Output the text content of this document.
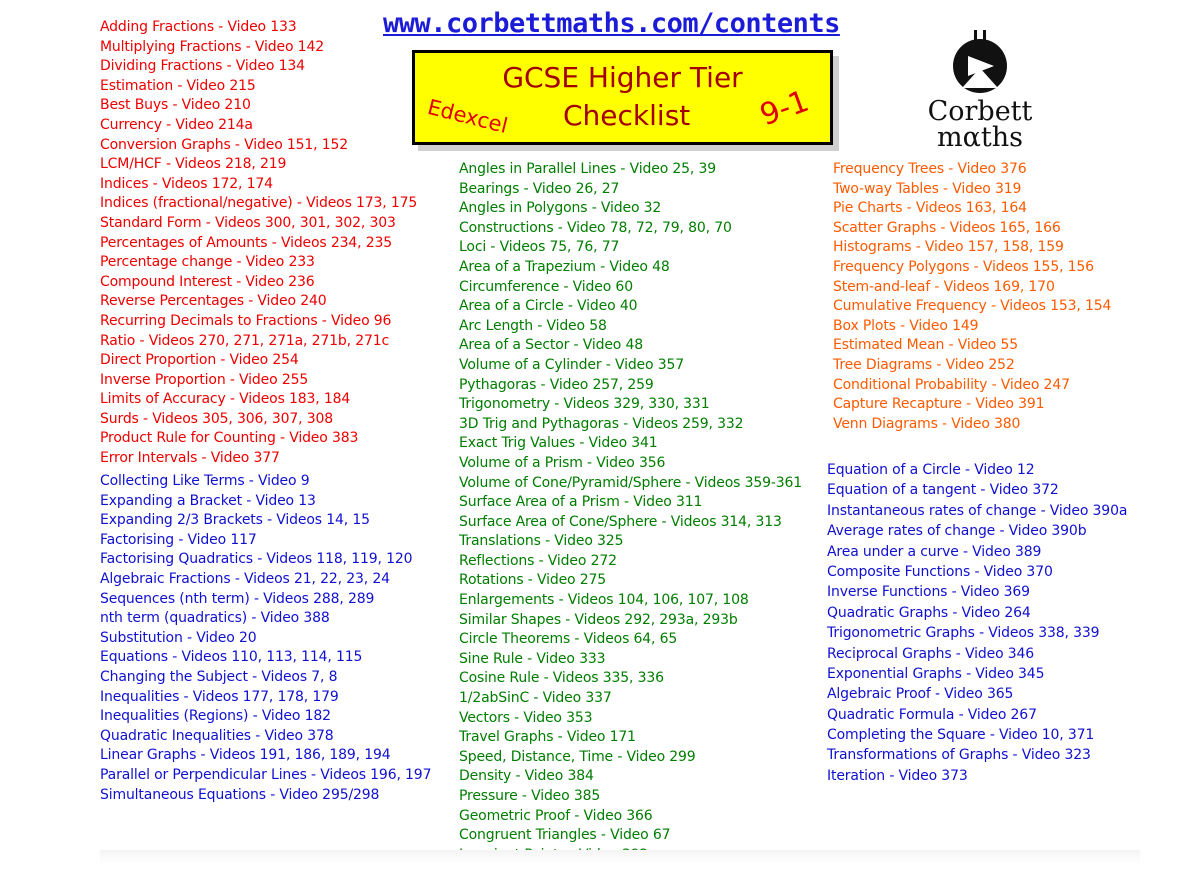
www.corbettmaths.com/contents
GCSE Higher Tier
Edexcel Checklist 9-1	Corbett
mαths
Adding Fractions - Video 133
Multiplying Fractions - Video 142
Dividing Fractions - Video 134
Estimation - Video 215
Best Buys - Video 210
Currency - Video 214a
Conversion Graphs - Video 151, 152
LCM/HCF - Videos 218, 219
Indices - Videos 172, 174
Indices (fractional/negative) - Videos 173, 175
Standard Form - Videos 300, 301, 302, 303
Percentages of Amounts - Videos 234, 235
Percentage change - Video 233
Compound Interest - Video 236
Reverse Percentages - Video 240
Recurring Decimals to Fractions - Video 96
Ratio - Videos 270, 271, 271a, 271b, 271c
Direct Proportion - Video 254
Inverse Proportion - Video 255
Limits of Accuracy - Videos 183, 184
Surds - Videos 305, 306, 307, 308
Product Rule for Counting - Video 383
Error Intervals - Video 377
Collecting Like Terms - Video 9
Expanding a Bracket - Video 13
Expanding 2/3 Brackets - Videos 14, 15
Factorising - Video 117
Factorising Quadratics - Videos 118, 119, 120
Algebraic Fractions - Videos 21, 22, 23, 24
Sequences (nth term) - Videos 288, 289
nth term (quadratics) - Video 388
Substitution - Video 20
Equations - Videos 110, 113, 114, 115
Changing the Subject - Videos 7, 8
Inequalities - Videos 177, 178, 179
Inequalities (Regions) - Video 182
Quadratic Inequalities - Video 378
Linear Graphs - Videos 191, 186, 189, 194
Parallel or Perpendicular Lines - Videos 196, 197
Simultaneous Equations - Video 295/298
Angles in Parallel Lines - Video 25, 39
Bearings - Video 26, 27
Angles in Polygons - Video 32
Constructions - Video 78, 72, 79, 80, 70
Loci - Videos 75, 76, 77
Area of a Trapezium - Video 48
Circumference - Video 60
Area of a Circle - Video 40
Arc Length - Video 58
Area of a Sector - Video 48
Volume of a Cylinder - Video 357
Pythagoras - Video 257, 259
Trigonometry - Videos 329, 330, 331
3D Trig and Pythagoras - Videos 259, 332
Exact Trig Values - Video 341
Volume of a Prism - Video 356
Volume of Cone/Pyramid/Sphere - Videos 359-361
Surface Area of a Prism - Video 311
Surface Area of Cone/Sphere - Videos 314, 313
Translations - Video 325
Reflections - Video 272
Rotations - Video 275
Enlargements - Videos 104, 106, 107, 108
Similar Shapes - Videos 292, 293a, 293b
Circle Theorems - Videos 64, 65
Sine Rule - Video 333
Cosine Rule - Videos 335, 336
1/2abSinC - Video 337
Vectors - Video 353
Travel Graphs - Video 171
Speed, Distance, Time - Video 299
Density - Video 384
Pressure - Video 385
Geometric Proof - Video 366
Congruent Triangles - Video 67
Frequency Trees - Video 376
Two-way Tables - Video 319
Pie Charts - Videos 163, 164
Scatter Graphs - Videos 165, 166
Histograms - Video 157, 158, 159
Frequency Polygons - Videos 155, 156
Stem-and-leaf - Videos 169, 170
Cumulative Frequency - Videos 153, 154
Box Plots - Video 149
Estimated Mean - Video 55
Tree Diagrams - Video 252
Conditional Probability - Video 247
Capture Recapture - Video 391
Venn Diagrams - Video 380
Equation of a Circle - Video 12
Equation of a tangent - Video 372
Instantaneous rates of change - Video 390a
Average rates of change - Video 390b
Area under a curve - Video 389
Composite Functions - Video 370
Inverse Functions - Video 369
Quadratic Graphs - Video 264
Trigonometric Graphs - Videos 338, 339
Reciprocal Graphs - Video 346
Exponential Graphs - Video 345
Algebraic Proof - Video 365
Quadratic Formula - Video 267
Completing the Square - Video 10, 371
Transformations of Graphs - Video 323
Iteration - Video 373
